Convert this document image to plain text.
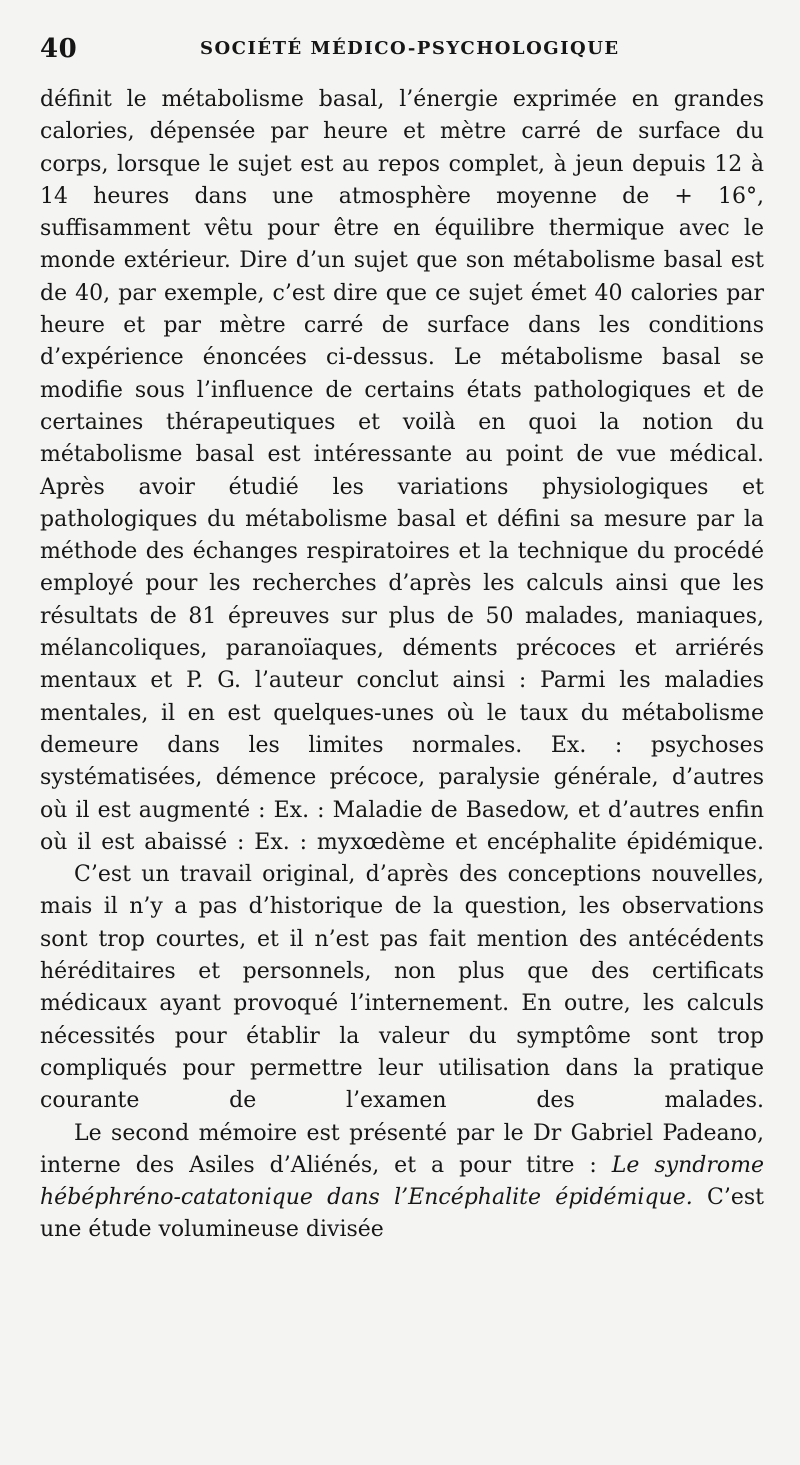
40	SOCIÉTÉ MÉDICO-PSYCHOLOGIQUE

définit le métabolisme basal, l’énergie exprimée en grandes calories, dépensée par heure et mètre carré de surface du corps, lorsque le sujet est au repos complet, à jeun depuis 12 à 14 heures dans une atmosphère moyenne de + 16°, suffisamment vêtu pour être en équilibre thermique avec le monde extérieur. Dire d’un sujet que son métabolisme basal est de 40, par exemple, c’est dire que ce sujet émet 40 calories par heure et par mètre carré de surface dans les conditions d’expérience énoncées ci-dessus. Le métabolisme basal se modifie sous l’influence de certains états pathologiques et de certaines thérapeutiques et voilà en quoi la notion du métabolisme basal est intéressante au point de vue médical. Après avoir étudié les variations physiologiques et pathologiques du métabolisme basal et défini sa mesure par la méthode des échanges respiratoires et la technique du procédé employé pour les recherches d’après les calculs ainsi que les résultats de 81 épreuves sur plus de 50 malades, maniaques, mélancoliques, paranoïaques, déments précoces et arriérés mentaux et P. G. l’auteur conclut ainsi : Parmi les maladies mentales, il en est quelques-unes où le taux du métabolisme demeure dans les limites normales. Ex. : psychoses systématisées, démence précoce, paralysie générale, d’autres où il est augmenté : Ex. : Maladie de Basedow, et d’autres enfin où il est abaissé : Ex. : myxœdème et encéphalite épidémique.

C’est un travail original, d’après des conceptions nouvelles, mais il n’y a pas d’historique de la question, les observations sont trop courtes, et il n’est pas fait mention des antécédents héréditaires et personnels, non plus que des certificats médicaux ayant provoqué l’internement. En outre, les calculs nécessités pour établir la valeur du symptôme sont trop compliqués pour permettre leur utilisation dans la pratique courante de l’examen des malades.

Le second mémoire est présenté par le Dr Gabriel Padeano, interne des Asiles d’Aliénés, et a pour titre : Le syndrome hébéphréno-catatonique dans l’Encéphalite épidémique. C’est une étude volumineuse divisée
